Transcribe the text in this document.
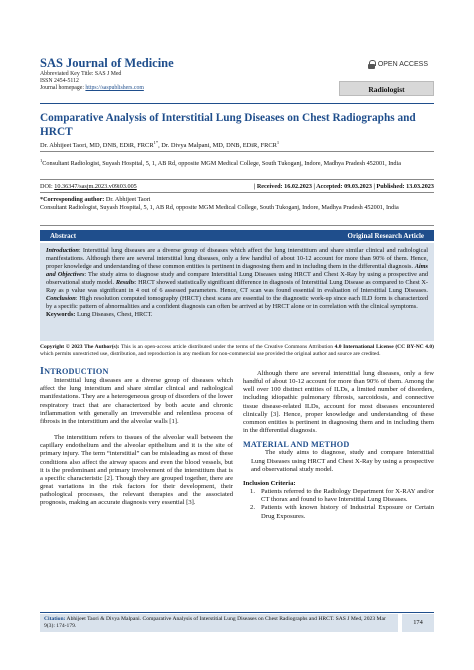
SAS Journal of Medicine
Abbreviated Key Title: SAS J Med
ISSN 2454-5112
Journal homepage: https://saspublishers.com
OPEN ACCESS
Radiologist
Comparative Analysis of Interstitial Lung Diseases on Chest Radiographs and HRCT
Dr. Abhijeet Taori, MD, DNB, EDiR, $FRCR^{1*}$, Dr. Divya Malpani, MD, DNB, EDiR, FRCR$^1$
$^1$Consultant Radiologist, Suyash Hospital, 5, 1, AB Rd, opposite MGM Medical College, South Tukoganj, Indore, Madhya Pradesh 452001, India
DOI: 10.36347/sasjm.2023.v09i03.005	| Received: 16.02.2023 | Accepted: 09.03.2023 | Published: 13.03.2023
*Corresponding author: Dr. Abhijeet Taori
Consultant Radiologist, Suyash Hospital, 5, 1, AB Rd, opposite MGM Medical College, South Tukoganj, Indore, Madhya Pradesh 452001, India
Abstract	Original Research Article
Introduction: Interstitial lung diseases are a diverse group of diseases which affect the lung interstitium and share similar clinical and radiological manifestations. Although there are several interstitial lung diseases, only a few handful of about 10-12 account for more than 90% of them. Hence, proper knowledge and understanding of these common entities is pertinent in diagnosing them and in including them in the differential diagnosis. Aims and Objectives: The study aims to diagnose study and compare Interstitial Lung Diseases using HRCT and Chest X-Ray by using a prospective and observational study model. Results: HRCT showed statistically significant difference in diagnosis of Interstitial Lung Disease as compared to Chest X-Ray as p value was significant in 4 out of 6 assessed parameters. Hence, CT scan was found essential in evaluation of Interstitial Lung Diseases. Conclusion: High resolution computed tomography (HRCT) chest scans are essential to the diagnostic work-up since each ILD form is characterized by a specific pattern of abnormalities and a confident diagnosis can often be arrived at by HRCT alone or in correlation with the clinical symptoms.
Keywords: Lung Diseases, Chest, HRCT.
Copyright © 2023 The Author(s): This is an open-access article distributed under the terms of the Creative Commons Attribution 4.0 International License (CC BY-NC 4.0) which permits unrestricted use, distribution, and reproduction in any medium for non-commercial use provided the original author and source are credited.
INTRODUCTION

Interstitial lung diseases are a diverse group of diseases which affect the lung interstium and share similar clinical and radiological manifestations. They are a heterogeneous group of disorders of the lower respiratory tract that are characterized by both acute and chronic inflammation with generally an irreversible and relentless process of fibrosis in the interstitium and the alveolar walls [1].

The interstitium refers to tissues of the alveolar wall between the capillary endothelium and the alveolar epithelium and it is the site of primary injury. The term “interstitial” can be misleading as most of these conditions also affect the airway spaces and even the blood vessels, but it is the predominant and primary involvement of the interstitium that is a specific characteristic [2]. Though they are grouped together, there are great variations in the risk factors for their development, their pathological processes, the relevant therapies and the associated prognosis, making an accurate diagnosis very essential [3].

Although there are several interstitial lung diseases, only a few handful of about 10-12 account for more than 90% of them. Among the well over 100 distinct entities of ILDs, a limited number of disorders, including idiopathic pulmonary fibrosis, sarcoidosis, and connective tissue disease-related ILDs, account for most diseases encountered clinically [3]. Hence, proper knowledge and understanding of these common entities is pertinent in diagnosing them and in including them in the differential diagnosis.

MATERIAL AND METHOD

The study aims to diagnose, study and compare Interstitial Lung Diseases using HRCT and Chest X-Ray by using a prospective and observational study model.

Inclusion Criteria:
1. Patients referred to the Radiology Department for X-RAY and/or CT thorax and found to have Interstitial Lung Diseases.
2. Patients with known history of Industrial Exposure or Certain Drug Exposures.
Citation: Abhijeet Taori & Divya Malpani. Comparative Analysis of Interstitial Lung Diseases on Chest Radiographs and HRCT. SAS J Med, 2023 Mar 9(3): 174-179.	174
